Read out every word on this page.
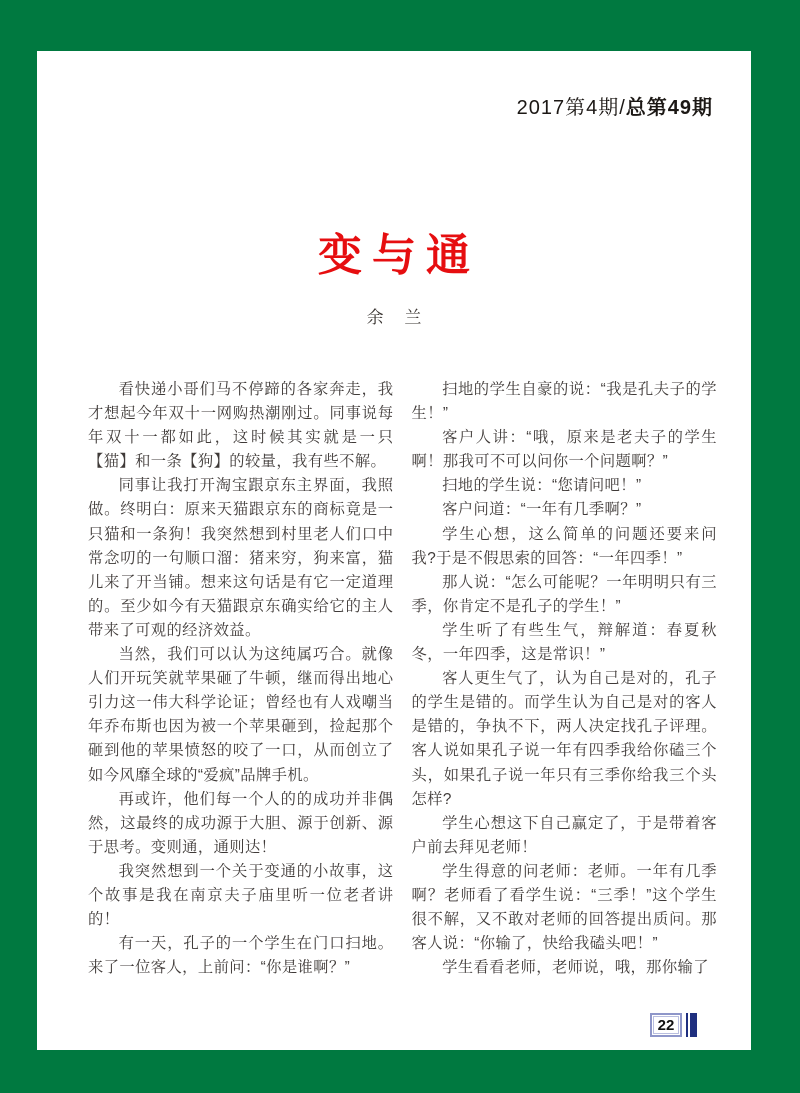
2017第4期/总第49期
变与通
余 兰

看快递小哥们马不停蹄的各家奔走，我才想起今年双十一网购热潮刚过。同事说每年双十一都如此，这时候其实就是一只【猫】和一条【狗】的较量，我有些不解。

同事让我打开淘宝跟京东主界面，我照做。终明白：原来天猫跟京东的商标竟是一只猫和一条狗！我突然想到村里老人们口中常念叨的一句顺口溜：猪来穷，狗来富，猫儿来了开当铺。想来这句话是有它一定道理的。至少如今有天猫跟京东确实给它的主人带来了可观的经济效益。

当然，我们可以认为这纯属巧合。就像人们开玩笑就苹果砸了牛顿，继而得出地心引力这一伟大科学论证；曾经也有人戏嘲当年乔布斯也因为被一个苹果砸到，捡起那个砸到他的苹果愤怒的咬了一口，从而创立了如今风靡全球的“爱疯”品牌手机。

再或许，他们每一个人的的成功并非偶然，这最终的成功源于大胆、源于创新、源于思考。变则通，通则达！

我突然想到一个关于变通的小故事，这个故事是我在南京夫子庙里听一位老者讲的！

有一天，孔子的一个学生在门口扫地。来了一位客人，上前问：“你是谁啊？”

扫地的学生自豪的说：“我是孔夫子的学生！”

客户人讲：“哦，原来是老夫子的学生啊！那我可不可以问你一个问题啊？”

扫地的学生说：“您请问吧！”

客户问道：“一年有几季啊？”

学生心想，这么简单的问题还要来问我?于是不假思索的回答：“一年四季！”

那人说：“怎么可能呢？一年明明只有三季，你肯定不是孔子的学生！”

学生听了有些生气，辩解道：春夏秋冬，一年四季，这是常识！”

客人更生气了，认为自己是对的，孔子的学生是错的。而学生认为自己是对的客人是错的，争执不下，两人决定找孔子评理。客人说如果孔子说一年有四季我给你磕三个头，如果孔子说一年只有三季你给我三个头怎样?

学生心想这下自己赢定了，于是带着客户前去拜见老师！

学生得意的问老师：老师。一年有几季啊？老师看了看学生说：“三季！”这个学生很不解，又不敢对老师的回答提出质问。那客人说：“你输了，快给我磕头吧！”

学生看看老师，老师说，哦，那你输了

22
